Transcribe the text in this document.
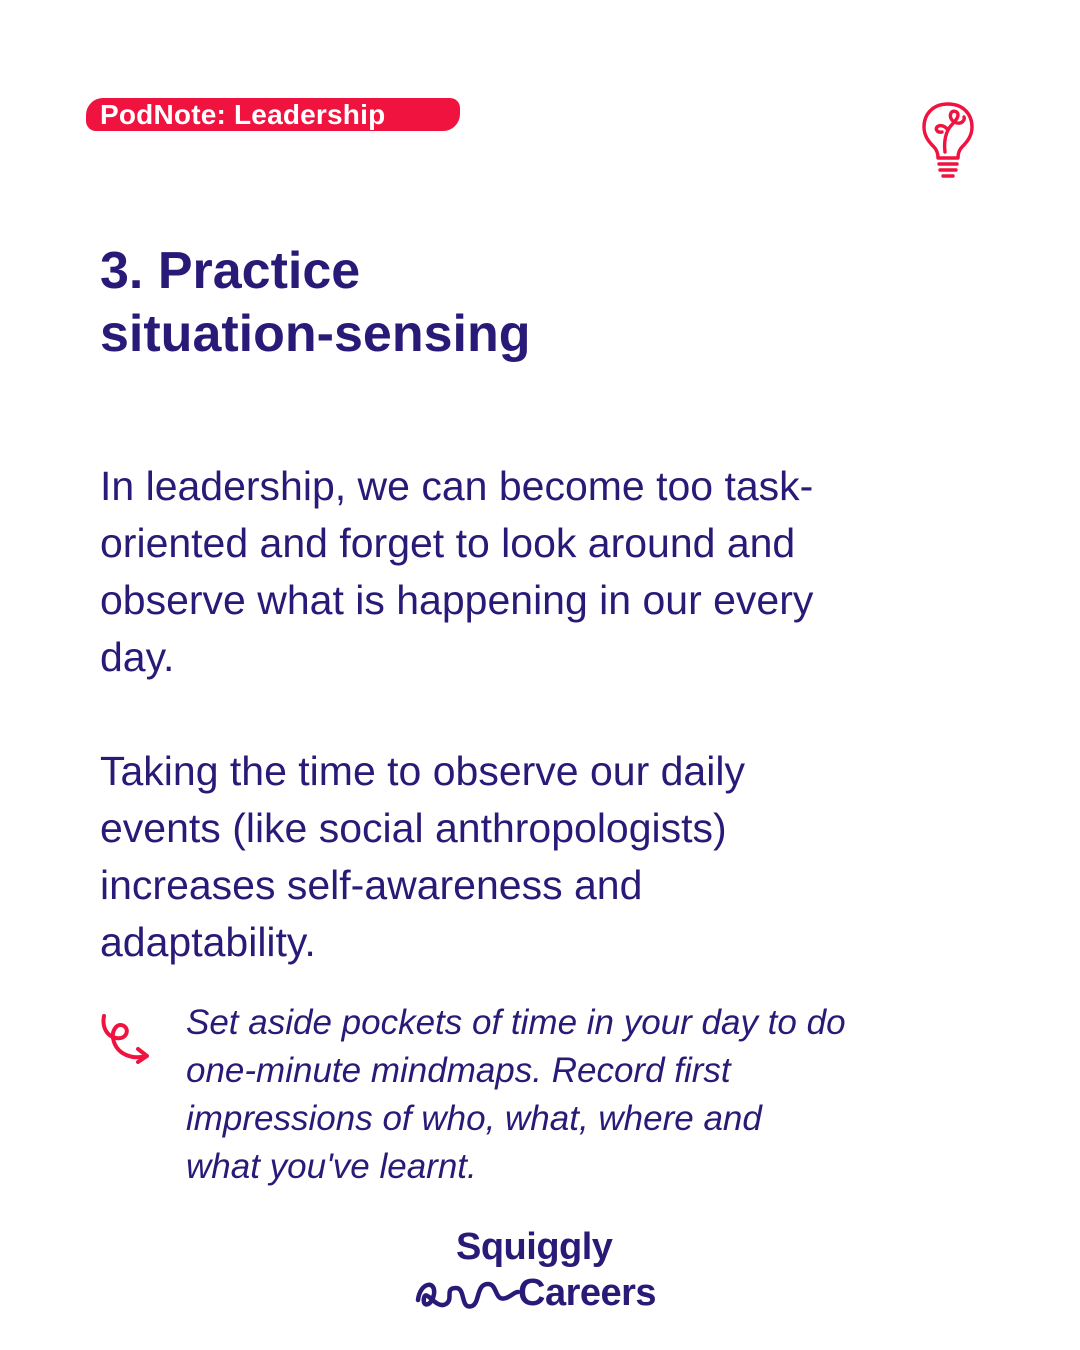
PodNote: Leadership
3. Practice
situation-sensing

In leadership, we can become too task-
oriented and forget to look around and
observe what is happening in our every
day.

Taking the time to observe our daily
events (like social anthropologists)
increases self-awareness and
adaptability.

Set aside pockets of time in your day to do
one-minute mindmaps. Record first
impressions of who, what, where and
what you've learnt.

Squiggly
Careers
